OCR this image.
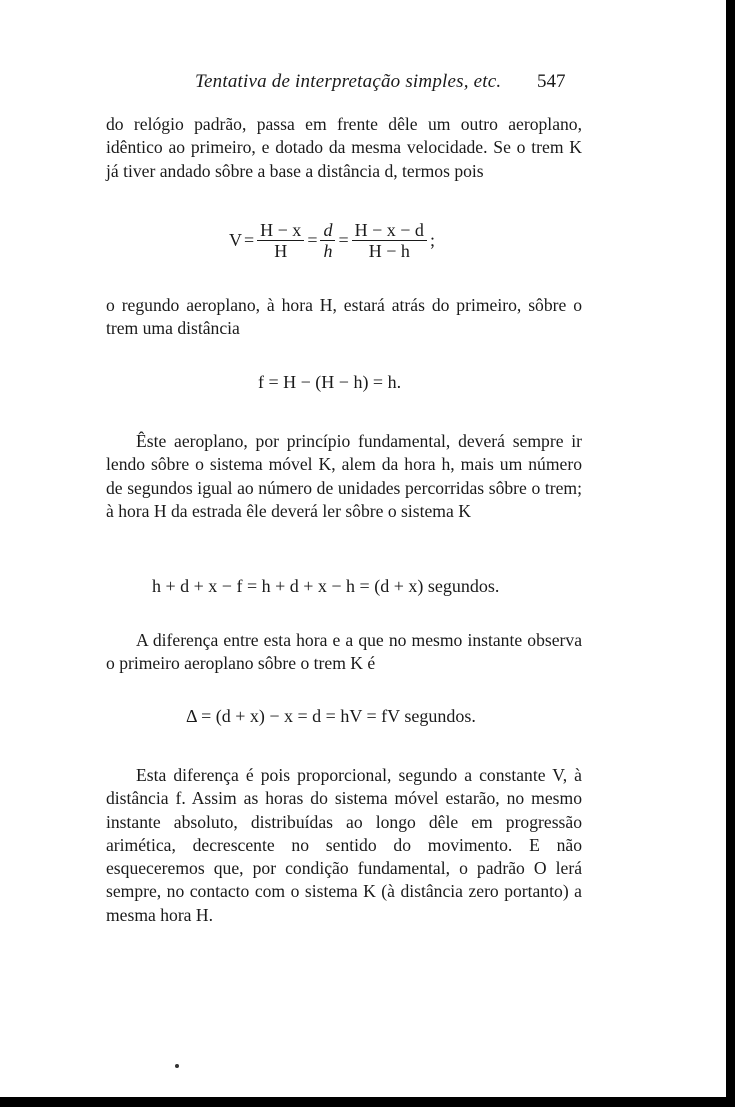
Tentativa de interpretação simples, etc. 547
do relógio padrão, passa em frente dêle um outro aeroplano, idêntico ao primeiro, e dotado da mesma velocidade. Se o trem K já tiver andado sôbre a base a distância d, termos pois
$V = \frac{H - x}{H} = \frac{d}{h} = \frac{H - x - d}{H - h}$ ;
o regundo aeroplano, à hora H, estará atrás do primeiro, sôbre o trem uma distância
f = H − (H − h) = h.
Êste aeroplano, por princípio fundamental, deverá sempre ir lendo sôbre o sistema móvel K, alem da hora h, mais um número de segundos igual ao número de unidades percorridas sôbre o trem; à hora H da estrada êle deverá ler sôbre o sistema K
h + d + x − f = h + d + x − h = (d + x) segundos.
A diferença entre esta hora e a que no mesmo instante observa o primeiro aeroplano sôbre o trem K é
Δ = (d + x) − x = d = hV = fV segundos.
Esta diferença é pois proporcional, segundo a constante V, à distância f. Assim as horas do sistema móvel estarão, no mesmo instante absoluto, distribuídas ao longo dêle em progressão arimética, decrescente no sentido do movimento. E não esqueceremos que, por condição fundamental, o padrão O lerá sempre, no contacto com o sistema K (à distância zero portanto) a mesma hora H.
